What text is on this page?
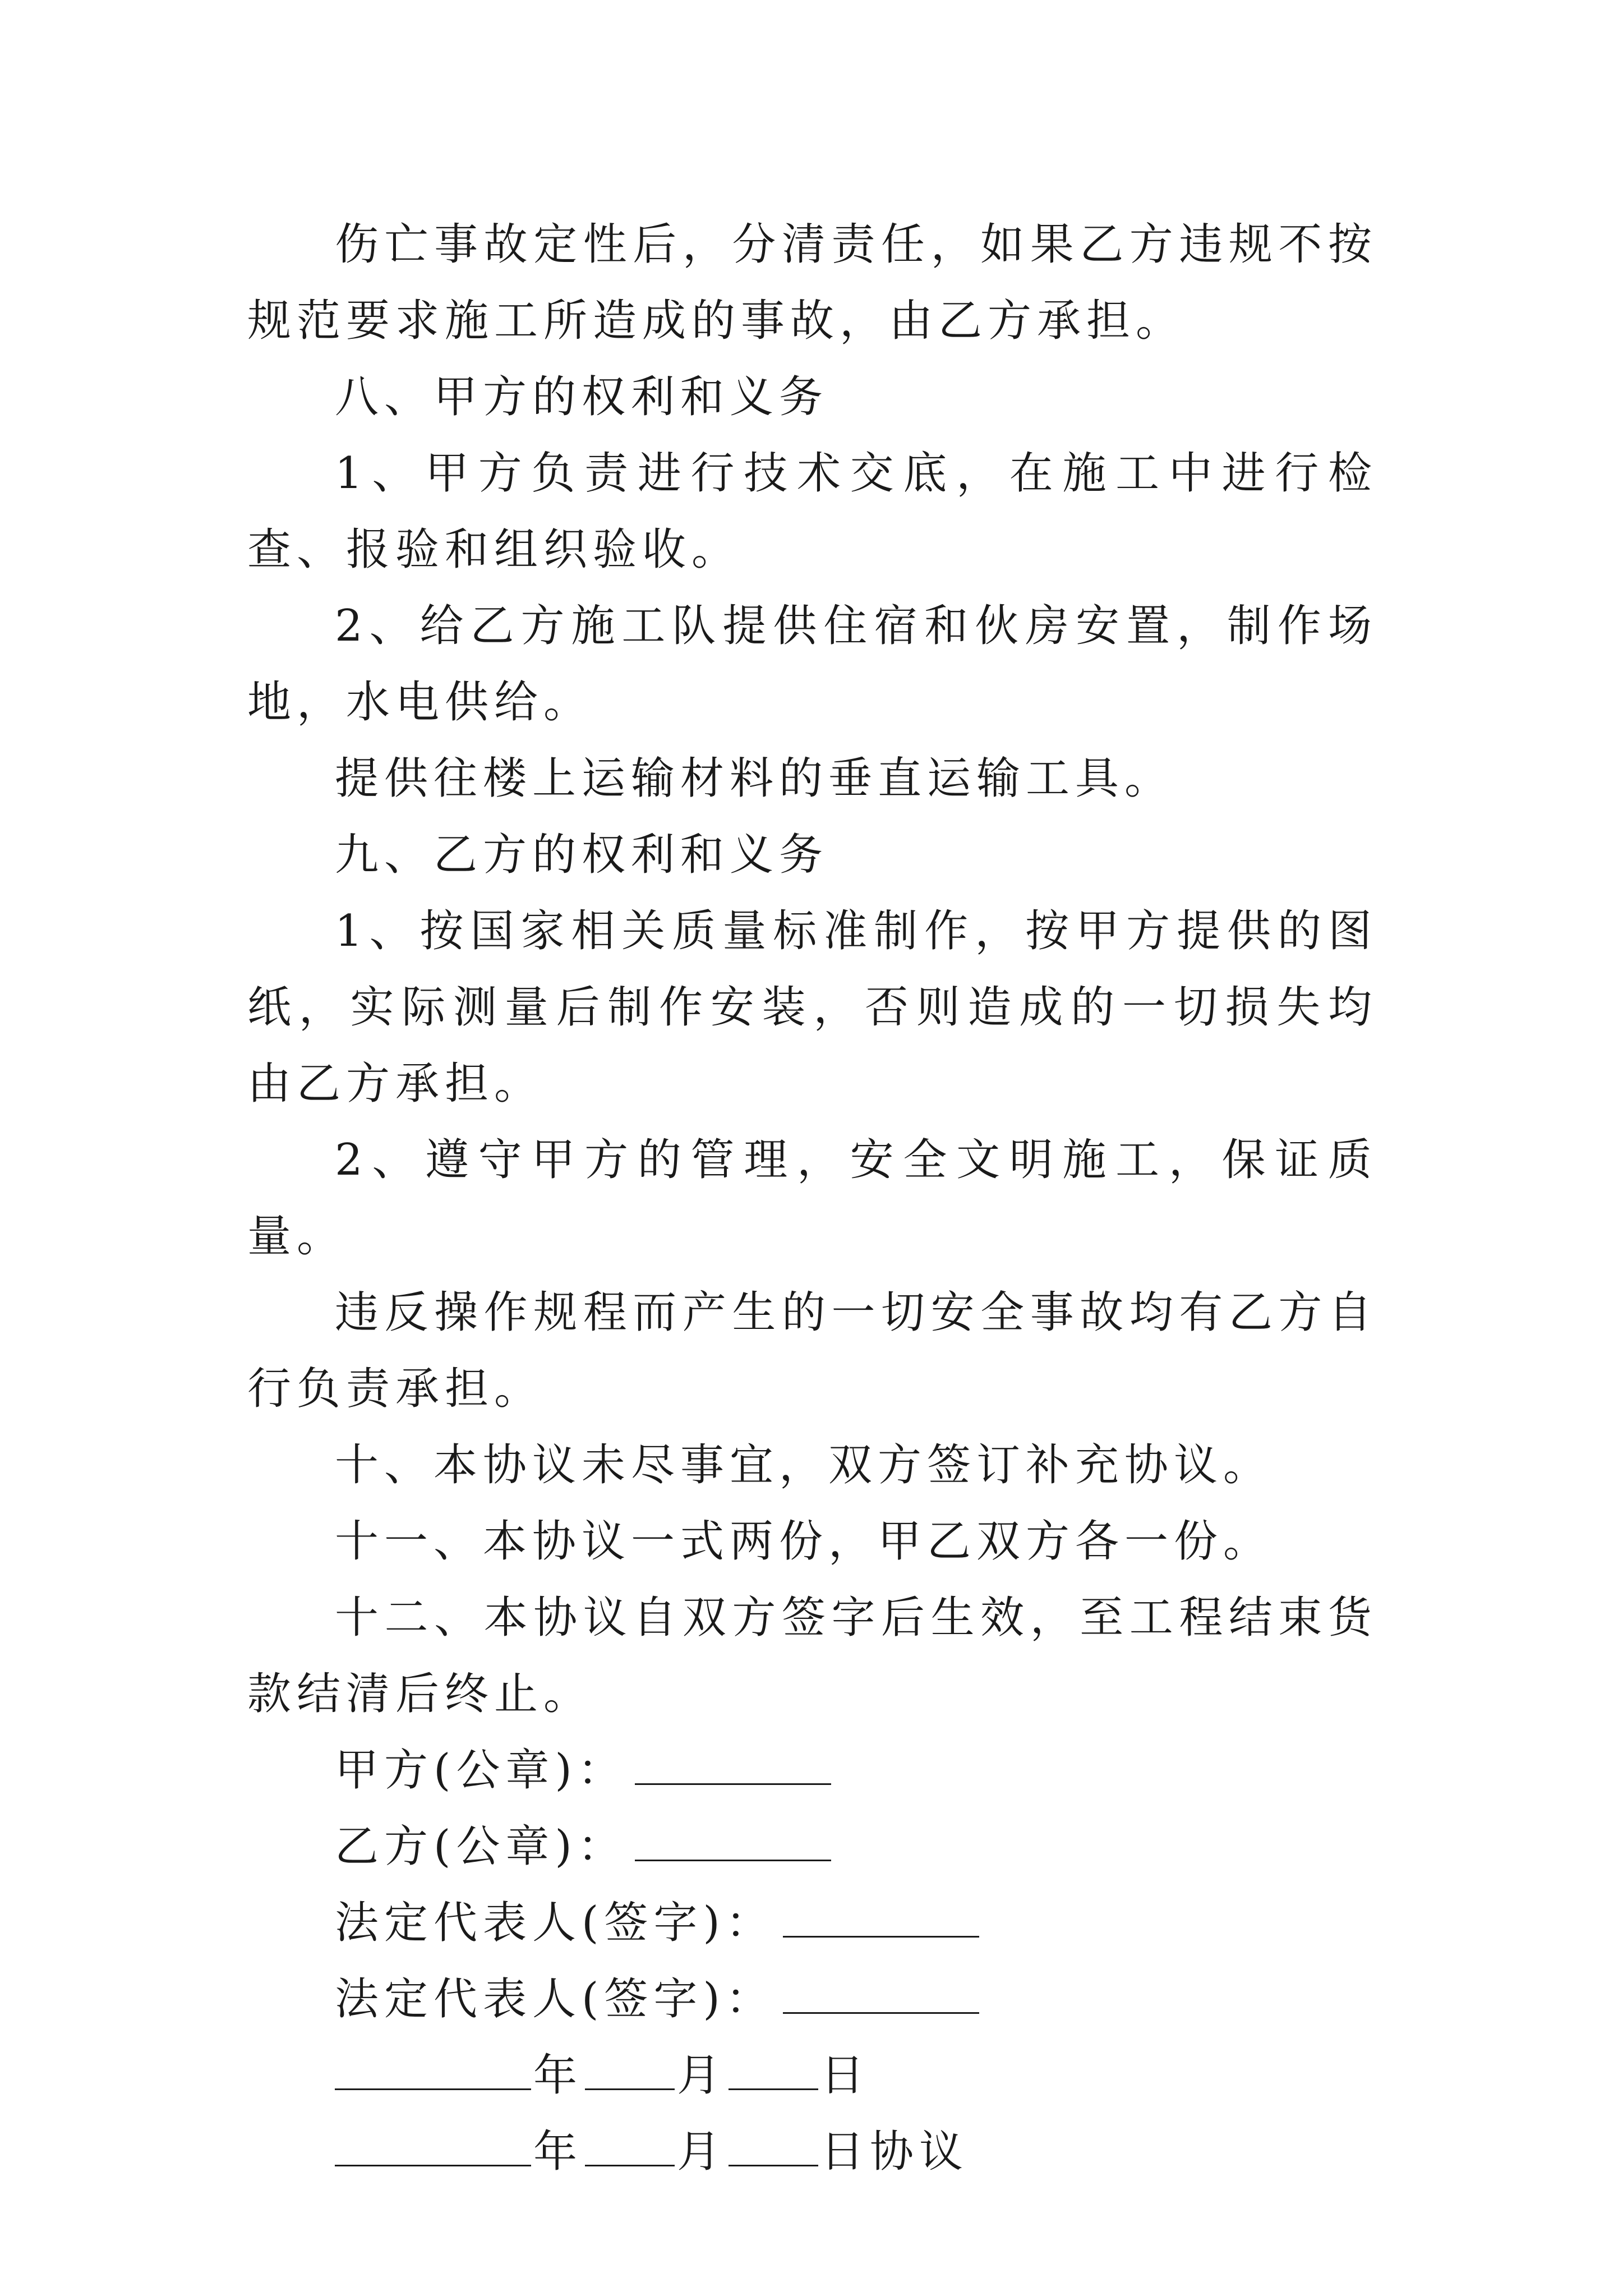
伤亡事故定性后，分清责任，如果乙方违规不按规范要求施工所造成的事故，由乙方承担。

八、甲方的权利和义务

1、甲方负责进行技术交底，在施工中进行检查、报验和组织验收。

2、给乙方施工队提供住宿和伙房安置，制作场地，水电供给。

提供往楼上运输材料的垂直运输工具。

九、乙方的权利和义务

1、按国家相关质量标准制作，按甲方提供的图纸，实际测量后制作安装，否则造成的一切损失均由乙方承担。

2、遵守甲方的管理，安全文明施工，保证质量。

违反操作规程而产生的一切安全事故均有乙方自行负责承担。

十、本协议未尽事宜，双方签订补充协议。

十一、本协议一式两份，甲乙双方各一份。

十二、本协议自双方签字后生效，至工程结束货款结清后终止。

甲方(公章)：
乙方(公章)：
法定代表人(签字)：
法定代表人(签字)：
年 月 日
年 月 日协议
